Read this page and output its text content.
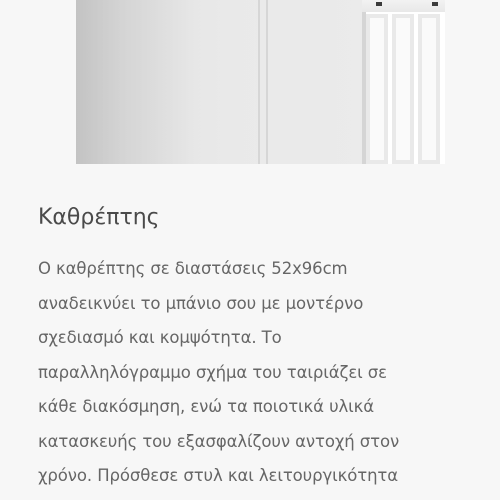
Καθρέπτης

Ο καθρέπτης σε διαστάσεις 52x96cm
αναδεικνύει το μπάνιο σου με μοντέρνο
σχεδιασμό και κομψότητα. Το
παραλληλόγραμμο σχήμα του ταιριάζει σε
κάθε διακόσμηση, ενώ τα ποιοτικά υλικά
κατασκευής του εξασφαλίζουν αντοχή στον
χρόνο. Πρόσθεσε στυλ και λειτουργικότητα
